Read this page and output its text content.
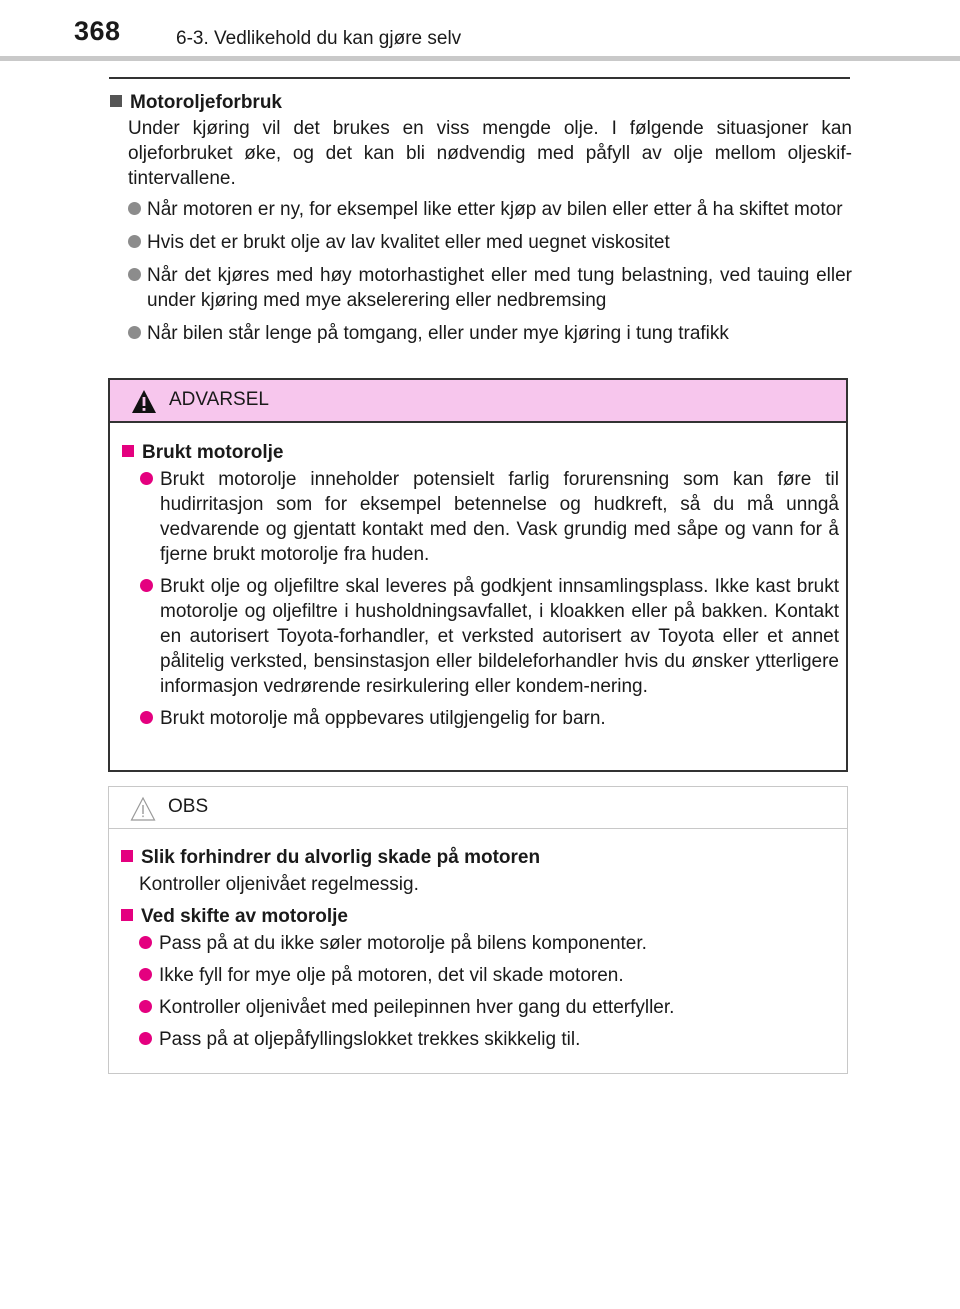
368	6-3. Vedlikehold du kan gjøre selv
Motoroljeforbruk
Under kjøring vil det brukes en viss mengde olje. I følgende situasjoner kan oljeforbruket øke, og det kan bli nødvendig med påfyll av olje mellom oljeskif-tintervallene.
Når motoren er ny, for eksempel like etter kjøp av bilen eller etter å ha skiftet motor
Hvis det er brukt olje av lav kvalitet eller med uegnet viskositet
Når det kjøres med høy motorhastighet eller med tung belastning, ved tauing eller under kjøring med mye akselerering eller nedbremsing
Når bilen står lenge på tomgang, eller under mye kjøring i tung trafikk
ADVARSEL
Brukt motorolje
Brukt motorolje inneholder potensielt farlig forurensning som kan føre til hudirritasjon som for eksempel betennelse og hudkreft, så du må unngå vedvarende og gjentatt kontakt med den. Vask grundig med såpe og vann for å fjerne brukt motorolje fra huden.
Brukt olje og oljefiltre skal leveres på godkjent innsamlingsplass. Ikke kast brukt motorolje og oljefiltre i husholdningsavfallet, i kloakken eller på bakken. Kontakt en autorisert Toyota-forhandler, et verksted autorisert av Toyota eller et annet pålitelig verksted, bensinstasjon eller bildeleforhandler hvis du ønsker ytterligere informasjon vedrørende resirkulering eller kondem-nering.
Brukt motorolje må oppbevares utilgjengelig for barn.
OBS
Slik forhindrer du alvorlig skade på motoren
Kontroller oljenivået regelmessig.
Ved skifte av motorolje
Pass på at du ikke søler motorolje på bilens komponenter.
Ikke fyll for mye olje på motoren, det vil skade motoren.
Kontroller oljenivået med peilepinnen hver gang du etterfyller.
Pass på at oljepåfyllingslokket trekkes skikkelig til.
